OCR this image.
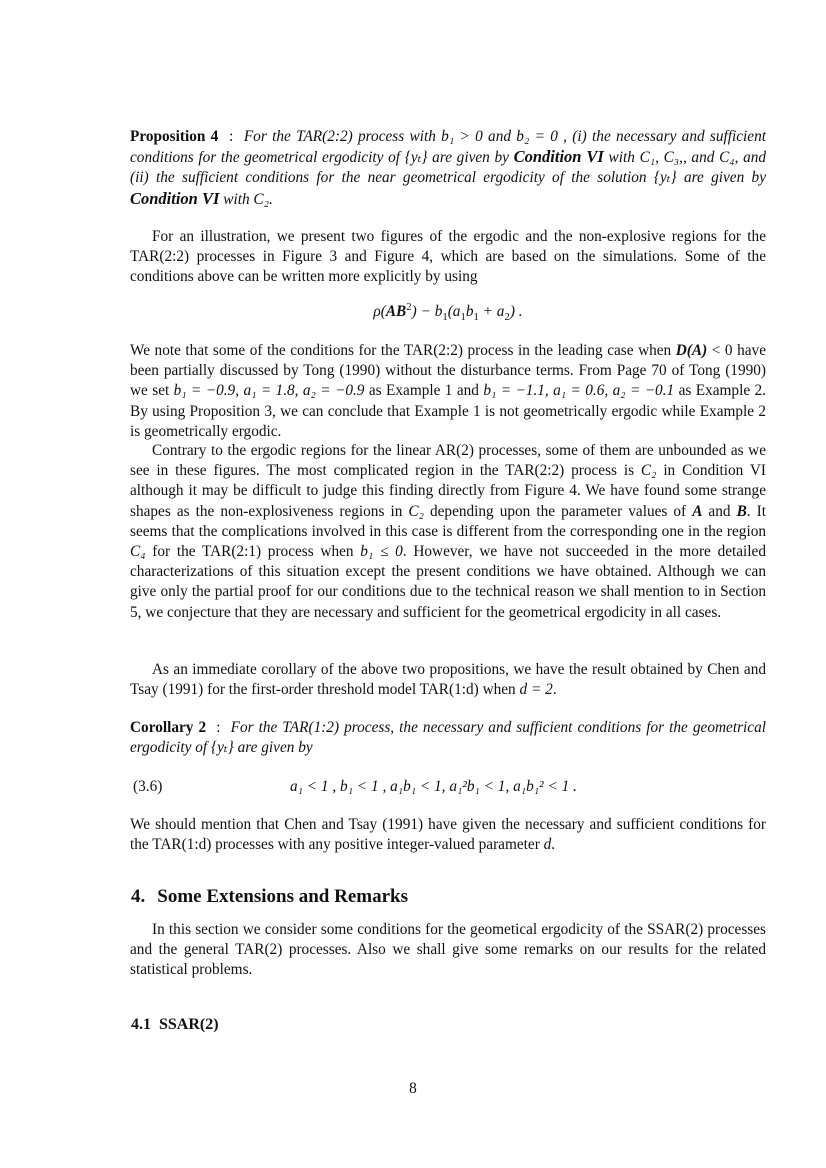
Proposition 4 : For the TAR(2:2) process with b₁ > 0 and b₂ = 0 , (i) the necessary and sufficient conditions for the geometrical ergodicity of {yₜ} are given by Condition VI with C₁, C₃,, and C₄, and (ii) the sufficient conditions for the near geometrical ergodicity of the solution {yₜ} are given by Condition VI with C₂.

For an illustration, we present two figures of the ergodic and the non-explosive regions for the TAR(2:2) processes in Figure 3 and Figure 4, which are based on the simulations. Some of the conditions above can be written more explicitly by using

$\rho(AB^2) - b_1(a_1b_1 + a_2)$ .

We note that some of the conditions for the TAR(2:2) process in the leading case when D(A) < 0 have been partially discussed by Tong (1990) without the disturbance terms. From Page 70 of Tong (1990) we set b₁ = −0.9, a₁ = 1.8, a₂ = −0.9 as Example 1 and b₁ = −1.1, a₁ = 0.6, a₂ = −0.1 as Example 2. By using Proposition 3, we can conclude that Example 1 is not geometrically ergodic while Example 2 is geometrically ergodic.

Contrary to the ergodic regions for the linear AR(2) processes, some of them are unbounded as we see in these figures. The most complicated region in the TAR(2:2) process is C₂ in Condition VI although it may be difficult to judge this finding directly from Figure 4. We have found some strange shapes as the non-explosiveness regions in C₂ depending upon the parameter values of A and B. It seems that the complications involved in this case is different from the corresponding one in the region C₄ for the TAR(2:1) process when b₁ ≤ 0. However, we have not succeeded in the more detailed characterizations of this situation except the present conditions we have obtained. Although we can give only the partial proof for our conditions due to the technical reason we shall mention to in Section 5, we conjecture that they are necessary and sufficient for the geometrical ergodicity in all cases.

As an immediate corollary of the above two propositions, we have the result obtained by Chen and Tsay (1991) for the first-order threshold model TAR(1:d) when d = 2.

Corollary 2 : For the TAR(1:2) process, the necessary and sufficient conditions for the geometrical ergodicity of {yₜ} are given by

(3.6)	a₁ < 1 , b₁ < 1 , a₁b₁ < 1, a₁²b₁ < 1, a₁b₁² < 1 .

We should mention that Chen and Tsay (1991) have given the necessary and sufficient conditions for the TAR(1:d) processes with any positive integer-valued parameter d.

4. Some Extensions and Remarks

In this section we consider some conditions for the geometical ergodicity of the SSAR(2) processes and the general TAR(2) processes. Also we shall give some remarks on our results for the related statistical problems.

4.1 SSAR(2)
8
